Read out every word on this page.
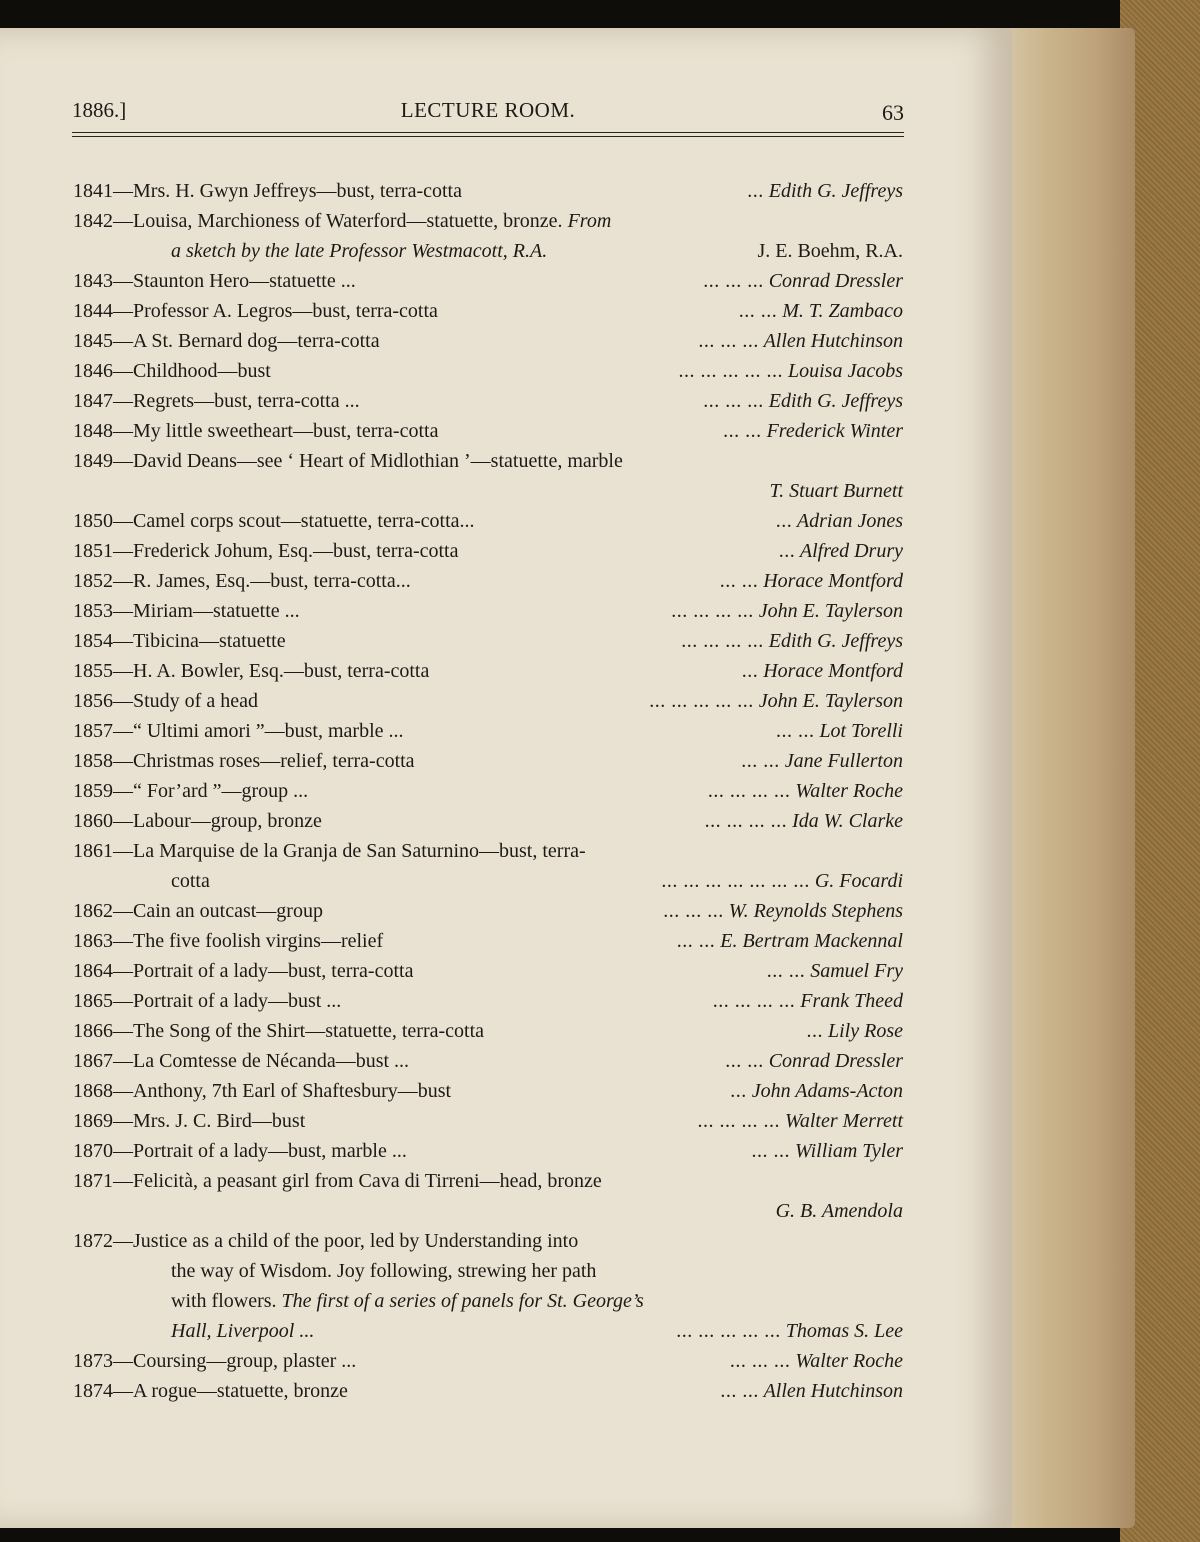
1886.]	LECTURE ROOM.	63
1841—Mrs. H. Gwyn Jeffreys—bust, terra-cotta	... Edith G. Jeffreys
1842—Louisa, Marchioness of Waterford—statuette, bronze. From
a sketch by the late Professor Westmacott, R.A.	J. E. Boehm, R.A.
1843—Staunton Hero—statuette ...	... ... ... Conrad Dressler
1844—Professor A. Legros—bust, terra-cotta	... ... M. T. Zambaco
1845—A St. Bernard dog—terra-cotta	... ... ... Allen Hutchinson
1846—Childhood—bust	... ... ... ... ... Louisa Jacobs
1847—Regrets—bust, terra-cotta ...	... ... ... Edith G. Jeffreys
1848—My little sweetheart—bust, terra-cotta	... ... Frederick Winter
1849—David Deans—see ‘ Heart of Midlothian ’—statuette, marble
T. Stuart Burnett
1850—Camel corps scout—statuette, terra-cotta...	... Adrian Jones
1851—Frederick Johum, Esq.—bust, terra-cotta	... Alfred Drury
1852—R. James, Esq.—bust, terra-cotta...	... ... Horace Montford
1853—Miriam—statuette ...	... ... ... ... John E. Taylerson
1854—Tibicina—statuette	... ... ... ... Edith G. Jeffreys
1855—H. A. Bowler, Esq.—bust, terra-cotta	... Horace Montford
1856—Study of a head	... ... ... ... ... John E. Taylerson
1857—“ Ultimi amori ”—bust, marble ...	... ... Lot Torelli
1858—Christmas roses—relief, terra-cotta	... ... Jane Fullerton
1859—“ For’ard ”—group ...	... ... ... ... Walter Roche
1860—Labour—group, bronze	... ... ... ... Ida W. Clarke
1861—La Marquise de la Granja de San Saturnino—bust, terra-
cotta	... ... ... ... ... ... ... G. Focardi
1862—Cain an outcast—group	... ... ... W. Reynolds Stephens
1863—The five foolish virgins—relief	... ... E. Bertram Mackennal
1864—Portrait of a lady—bust, terra-cotta	... ... Samuel Fry
1865—Portrait of a lady—bust ...	... ... ... ... Frank Theed
1866—The Song of the Shirt—statuette, terra-cotta	... Lily Rose
1867—La Comtesse de Nécanda—bust ...	... ... Conrad Dressler
1868—Anthony, 7th Earl of Shaftesbury—bust	... John Adams-Acton
1869—Mrs. J. C. Bird—bust	... ... ... ... Walter Merrett
1870—Portrait of a lady—bust, marble ...	... ... William Tyler
1871—Felicità, a peasant girl from Cava di Tirreni—head, bronze
G. B. Amendola
1872—Justice as a child of the poor, led by Understanding into
the way of Wisdom. Joy following, strewing her path
with flowers. The first of a series of panels for St. George’s
Hall, Liverpool ...	... ... ... ... ... Thomas S. Lee
1873—Coursing—group, plaster ...	... ... ... Walter Roche
1874—A rogue—statuette, bronze	... ... Allen Hutchinson
